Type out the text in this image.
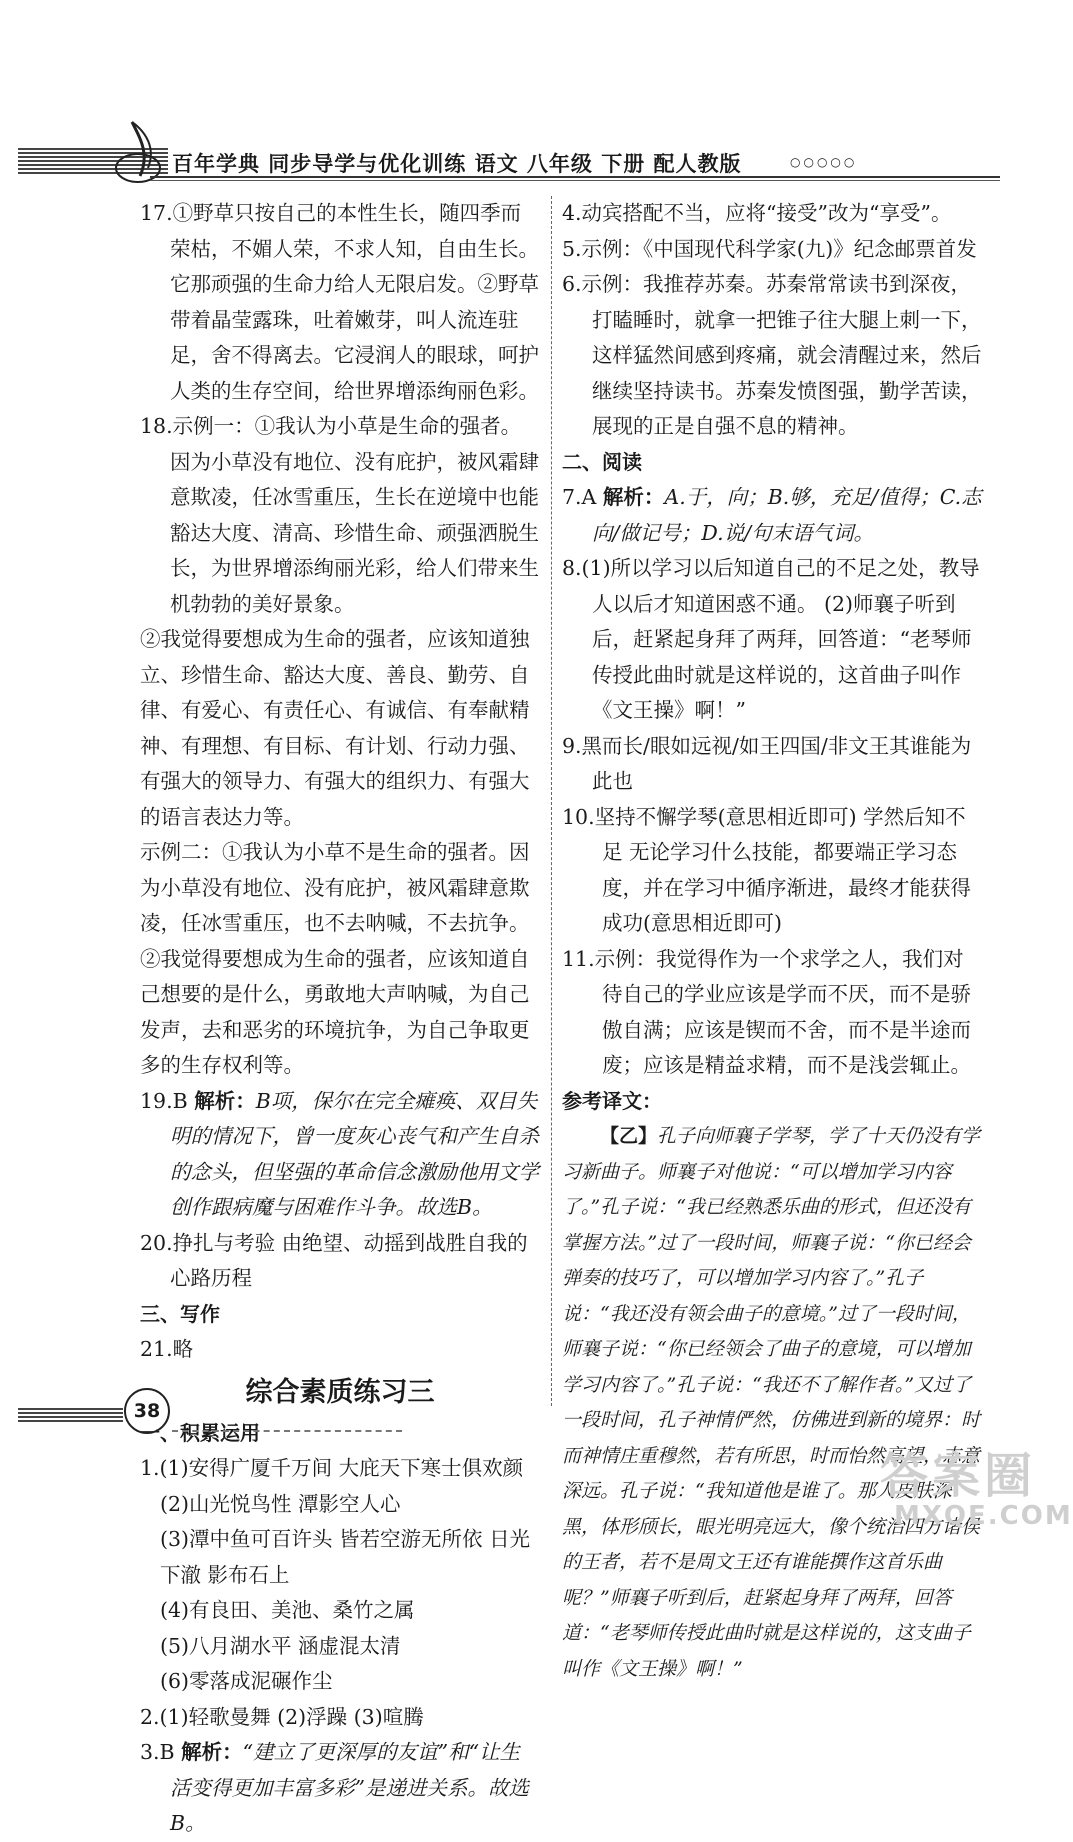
百年学典 同步导学与优化训练 语文 八年级 下册 配人教版	○○○○○

17.①野草只按自己的本性生长，随四季而荣枯，不媚人荣，不求人知，自由生长。它那顽强的生命力给人无限启发。②野草带着晶莹露珠，吐着嫩芽，叫人流连驻足，舍不得离去。它浸润人的眼球，呵护人类的生存空间，给世界增添绚丽色彩。

18.示例一：①我认为小草是生命的强者。因为小草没有地位、没有庇护，被风霜肆意欺凌，任冰雪重压，生长在逆境中也能豁达大度、清高、珍惜生命、顽强洒脱生长，为世界增添绚丽光彩，给人们带来生机勃勃的美好景象。

②我觉得要想成为生命的强者，应该知道独立、珍惜生命、豁达大度、善良、勤劳、自律、有爱心、有责任心、有诚信、有奉献精神、有理想、有目标、有计划、行动力强、有强大的领导力、有强大的组织力、有强大的语言表达力等。

示例二：①我认为小草不是生命的强者。因为小草没有地位、没有庇护，被风霜肆意欺凌，任冰雪重压，也不去呐喊，不去抗争。

②我觉得要想成为生命的强者，应该知道自己想要的是什么，勇敢地大声呐喊，为自己发声，去和恶劣的环境抗争，为自己争取更多的生存权利等。

19.B 解析：B项，保尔在完全瘫痪、双目失明的情况下，曾一度灰心丧气和产生自杀的念头，但坚强的革命信念激励他用文学创作跟病魔与困难作斗争。故选B。

20.挣扎与考验 由绝望、动摇到战胜自我的心路历程

三、写作

21.略

综合素质练习三

一、积累运用

1.(1)安得广厦千万间 大庇天下寒士俱欢颜

(2)山光悦鸟性 潭影空人心

(3)潭中鱼可百许头 皆若空游无所依 日光下澈 影布石上

(4)有良田、美池、桑竹之属

(5)八月湖水平 涵虚混太清

(6)零落成泥碾作尘

2.(1)轻歌曼舞 (2)浮躁 (3)喧腾

3.B 解析：“建立了更深厚的友谊”和“让生活变得更加丰富多彩”是递进关系。故选B。

4.动宾搭配不当，应将“接受”改为“享受”。

5.示例：《中国现代科学家(九)》纪念邮票首发

6.示例：我推荐苏秦。苏秦常常读书到深夜，打瞌睡时，就拿一把锥子往大腿上刺一下，这样猛然间感到疼痛，就会清醒过来，然后继续坚持读书。苏秦发愤图强，勤学苦读，展现的正是自强不息的精神。

二、阅读

7.A 解析：A.于，向；B.够，充足/值得；C.志向/做记号；D.说/句末语气词。

8.(1)所以学习以后知道自己的不足之处，教导人以后才知道困惑不通。 (2)师襄子听到后，赶紧起身拜了两拜，回答道：“老琴师传授此曲时就是这样说的，这首曲子叫作《文王操》啊！”

9.黑而长/眼如远视/如王四国/非文王其谁能为此也

10.坚持不懈学琴(意思相近即可) 学然后知不足 无论学习什么技能，都要端正学习态度，并在学习中循序渐进，最终才能获得成功(意思相近即可)

11.示例：我觉得作为一个求学之人，我们对待自己的学业应该是学而不厌，而不是骄傲自满；应该是锲而不舍，而不是半途而废；应该是精益求精，而不是浅尝辄止。

参考译文：

【乙】孔子向师襄子学琴，学了十天仍没有学习新曲子。师襄子对他说：“可以增加学习内容了。”孔子说：“我已经熟悉乐曲的形式，但还没有掌握方法。”过了一段时间，师襄子说：“你已经会弹奏的技巧了，可以增加学习内容了。”孔子说：“我还没有领会曲子的意境。”过了一段时间，师襄子说：“你已经领会了曲子的意境，可以增加学习内容了。”孔子说：“我还不了解作者。”又过了一段时间，孔子神情俨然，仿佛进到新的境界：时而神情庄重穆然，若有所思，时而怡然高望，志意深远。孔子说：“我知道他是谁了。那人皮肤深黑，体形颀长，眼光明亮远大，像个统治四方诸侯的王者，若不是周文王还有谁能撰作这首乐曲呢？”师襄子听到后，赶紧起身拜了两拜，回答道：“老琴师传授此曲时就是这样说的，这支曲子叫作《文王操》啊！”

38
答案圈
MXQE.COM
